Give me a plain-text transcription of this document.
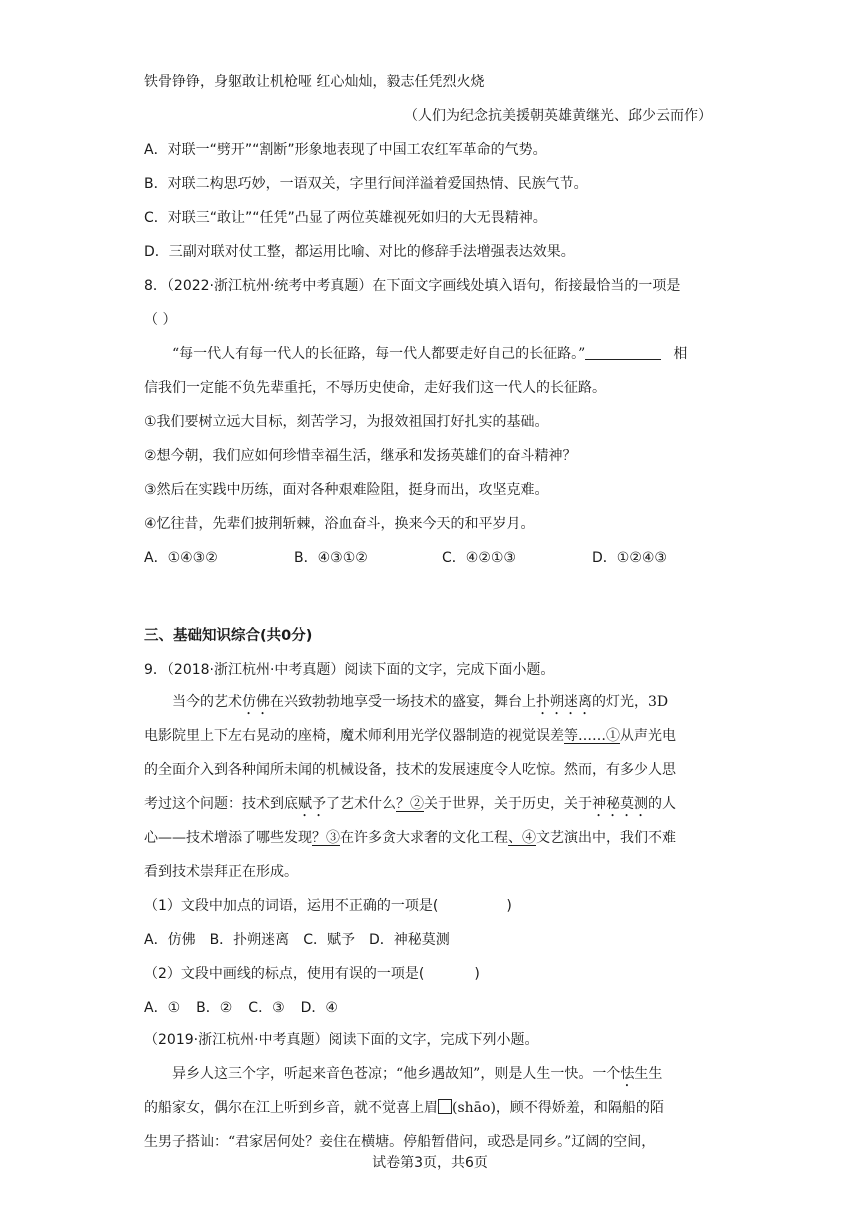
铁骨铮铮，身躯敢让机枪哑 红心灿灿，毅志任凭烈火烧
（人们为纪念抗美援朝英雄黄继光、邱少云而作）
A．对联一“劈开”“割断”形象地表现了中国工农红军革命的气势。
B．对联二构思巧妙，一语双关，字里行间洋溢着爱国热情、民族气节。
C．对联三“敢让”“任凭”凸显了两位英雄视死如归的大无畏精神。
D．三副对联对仗工整，都运用比喻、对比的修辞手法增强表达效果。
8．（2022·浙江杭州·统考中考真题）在下面文字画线处填入语句，衔接最恰当的一项是
（ ）
“每一代人有每一代人的长征路，每一代人都要走好自己的长征路。”	相
信我们一定能不负先辈重托，不辱历史使命，走好我们这一代人的长征路。
①我们要树立远大目标，刻苦学习，为报效祖国打好扎实的基础。
②想今朝，我们应如何珍惜幸福生活，继承和发扬英雄们的奋斗精神？
③然后在实践中历练，面对各种艰难险阻，挺身而出，攻坚克难。
④忆往昔，先辈们披荆斩棘，浴血奋斗，换来今天的和平岁月。
A．①④③②	B．④③①②	C．④②①③	D．①②④③
三、基础知识综合(共0分)
9．（2018·浙江杭州·中考真题）阅读下面的文字，完成下面小题。
当今的艺术仿佛在兴致勃勃地享受一场技术的盛宴，舞台上扑朔迷离的灯光，3D
电影院里上下左右晃动的座椅，魔术师利用光学仪器制造的视觉误差等……①从声光电
的全面介入到各种闻所未闻的机械设备，技术的发展速度令人吃惊。然而，有多少人思
考过这个问题：技术到底赋予了艺术什么？②关于世界，关于历史，关于神秘莫测的人
心——技术增添了哪些发现？③在许多贪大求奢的文化工程、④文艺演出中，我们不难
看到技术崇拜正在形成。
（1）文段中加点的词语，运用不正确的一项是(	)
A．仿佛 B．扑朔迷离 C．赋予 D．神秘莫测
（2）文段中画线的标点，使用有误的一项是(	)
A．① B．② C．③ D．④
（2019·浙江杭州·中考真题）阅读下面的文字，完成下列小题。
异乡人这三个字，听起来音色苍凉；“他乡遇故知”，则是人生一快。一个怯生生
的船家女，偶尔在江上听到乡音，就不觉喜上眉 (shāo)，顾不得娇羞，和隔船的陌
生男子搭讪：“君家居何处？妾住在横塘。停船暂借问，或恐是同乡。”辽阔的空间，
试卷第3页，共6页
